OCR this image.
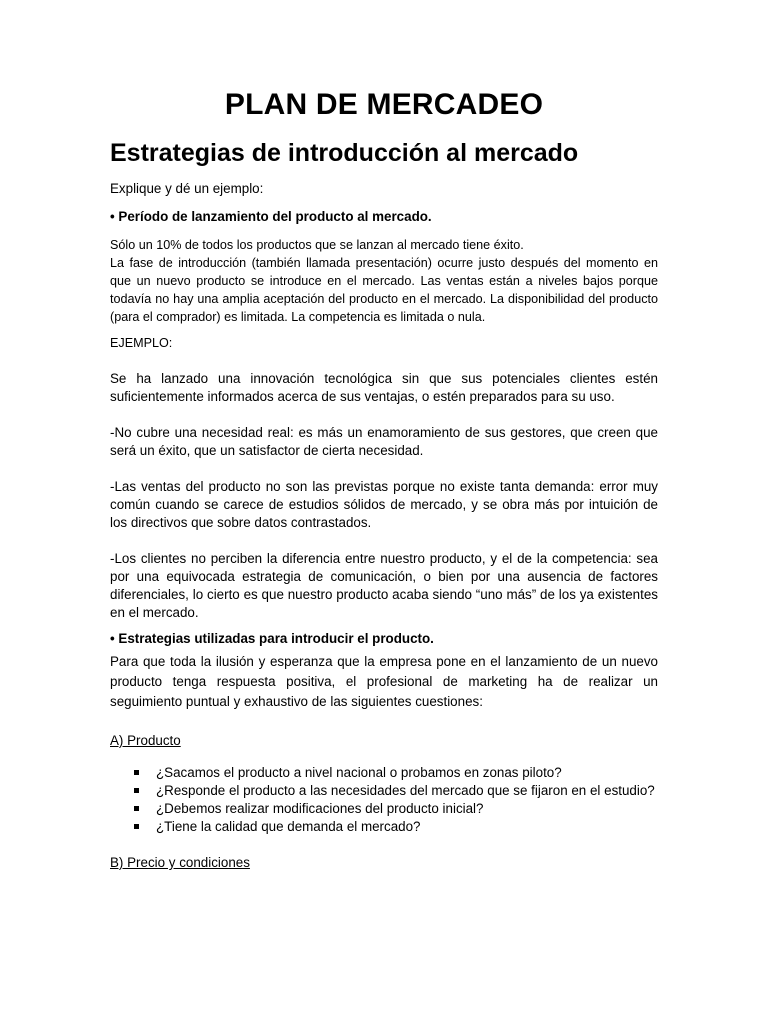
PLAN DE MERCADEO
Estrategias de introducción al mercado

Explique y dé un ejemplo:

• Período de lanzamiento del producto al mercado.

Sólo un 10% de todos los productos que se lanzan al mercado tiene éxito.

La fase de introducción (también llamada presentación) ocurre justo después del momento en que un nuevo producto se introduce en el mercado. Las ventas están a niveles bajos porque todavía no hay una amplia aceptación del producto en el mercado. La disponibilidad del producto (para el comprador) es limitada. La competencia es limitada o nula.

EJEMPLO:

Se ha lanzado una innovación tecnológica sin que sus potenciales clientes estén suficientemente informados acerca de sus ventajas, o estén preparados para su uso.

-No cubre una necesidad real: es más un enamoramiento de sus gestores, que creen que será un éxito, que un satisfactor de cierta necesidad.

-Las ventas del producto no son las previstas porque no existe tanta demanda: error muy común cuando se carece de estudios sólidos de mercado, y se obra más por intuición de los directivos que sobre datos contrastados.

-Los clientes no perciben la diferencia entre nuestro producto, y el de la competencia: sea por una equivocada estrategia de comunicación, o bien por una ausencia de factores diferenciales, lo cierto es que nuestro producto acaba siendo “uno más” de los ya existentes en el mercado.

• Estrategias utilizadas para introducir el producto.

Para que toda la ilusión y esperanza que la empresa pone en el lanzamiento de un nuevo producto tenga respuesta positiva, el profesional de marketing ha de realizar un seguimiento puntual y exhaustivo de las siguientes cuestiones:

A) Producto

¿Sacamos el producto a nivel nacional o probamos en zonas piloto?
¿Responde el producto a las necesidades del mercado que se fijaron en el estudio?
¿Debemos realizar modificaciones del producto inicial?
¿Tiene la calidad que demanda el mercado?

B) Precio y condiciones
